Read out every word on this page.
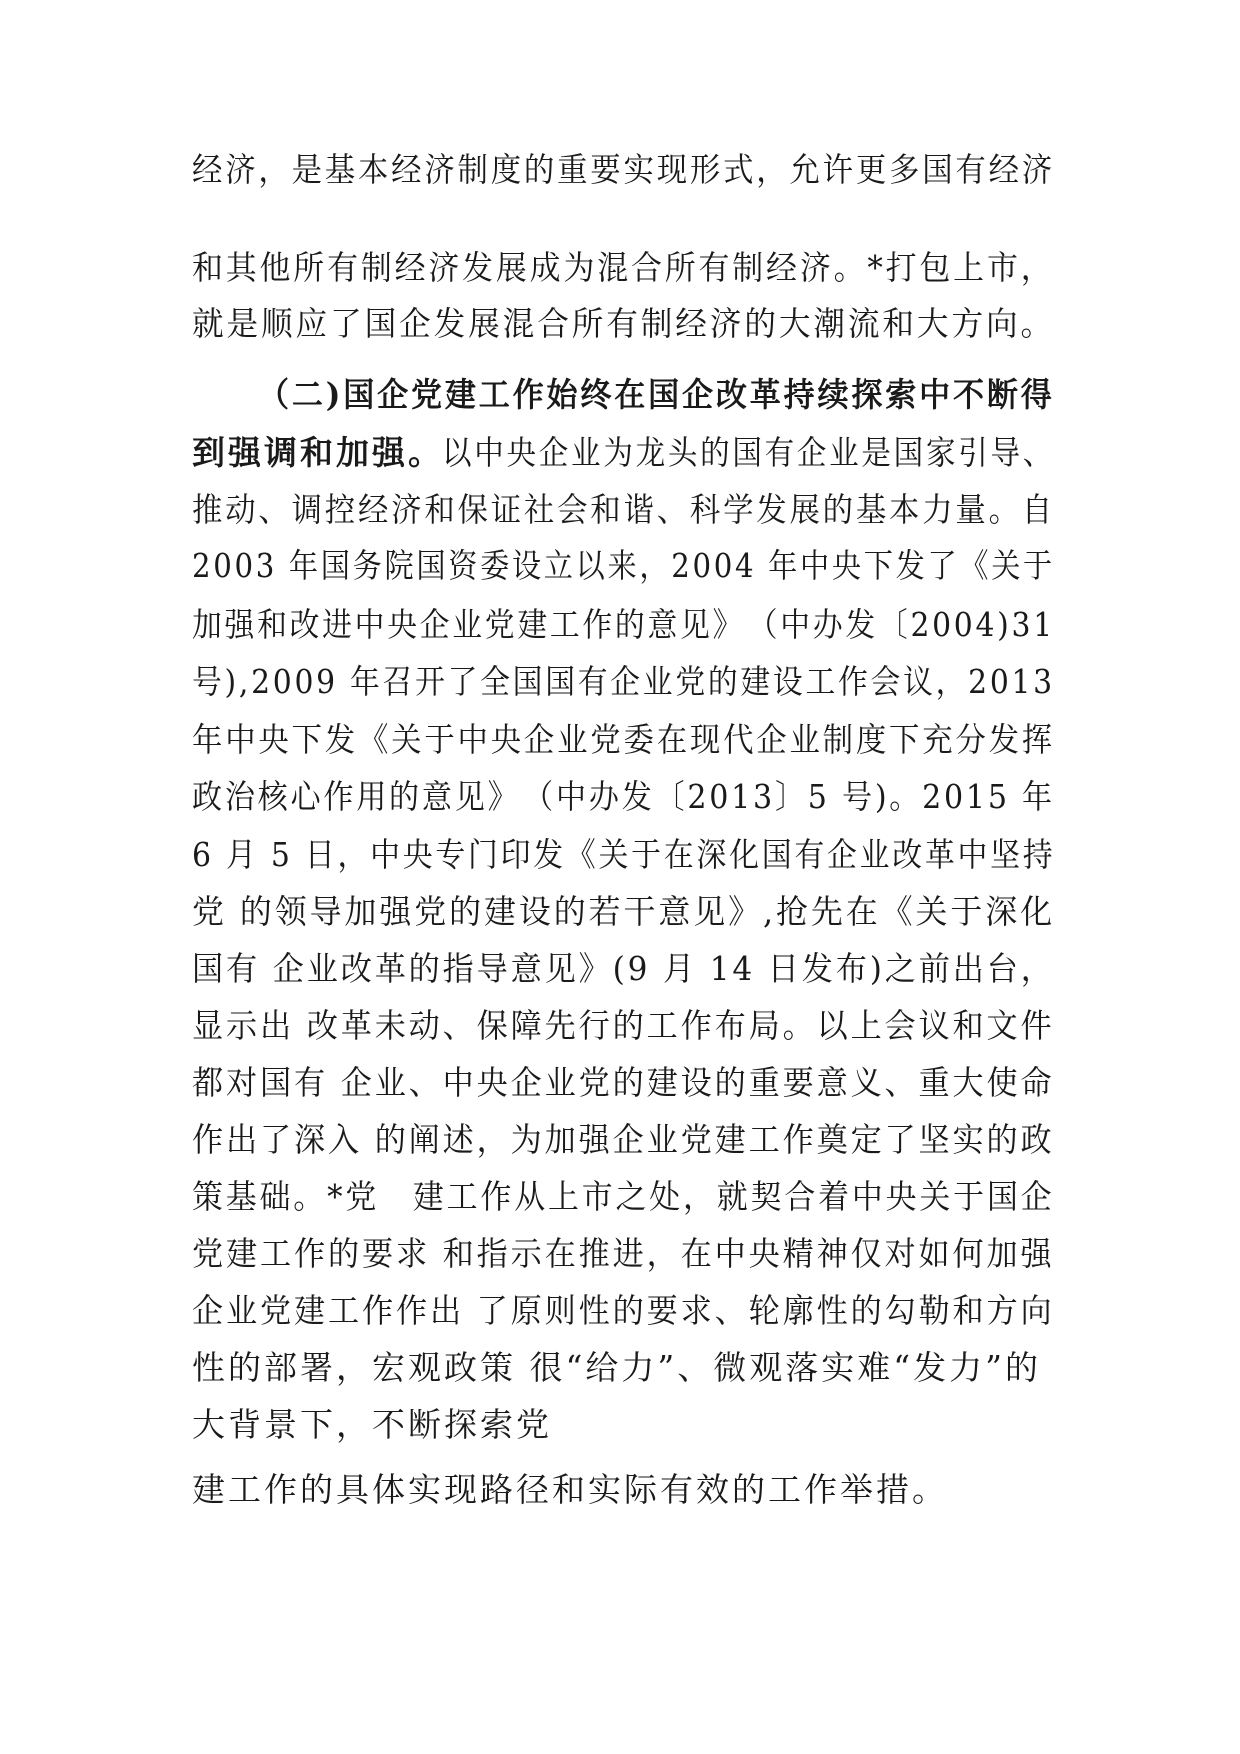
经济，是基本经济制度的重要实现形式，允许更多国有经济
和其他所有制经济发展成为混合所有制经济。*打包上市，
就是顺应了国企发展混合所有制经济的大潮流和大方向。
（二)国企党建工作始终在国企改革持续探索中不断得
到强调和加强。
以中央企业为龙头的国有企业是国家引导、
推动、调控经济和保证社会和谐、科学发展的基本力量。自
2003 年国务院国资委设立以来，2004 年中央下发了《关于
加强和改进中央企业党建工作的意见》　（中办发〔2004)31
号),2009 年召开了全国国有企业党的建设工作会议，2013
年中央下发《关于中央企业党委在现代企业制度下充分发挥
政治核心作用的意见》　（中办发〔2013〕5 号)。2015 年
6 月 5 日，中央专门印发《关于在深化国有企业改革中坚持
党 的领导加强党的建设的若干意见》,抢先在《关于深化
国有 企业改革的指导意见》(9 月 14 日发布)之前出台，
显示出 改革未动、保障先行的工作布局。以上会议和文件
都对国有 企业、中央企业党的建设的重要意义、重大使命
作出了深入 的阐述，为加强企业党建工作奠定了坚实的政
策基础。*党　建工作从上市之处，就契合着中央关于国企
党建工作的要求 和指示在推进，在中央精神仅对如何加强
企业党建工作作出 了原则性的要求、轮廓性的勾勒和方向
性的部署，宏观政策 很“给力”、微观落实难“发力”的
大背景下，不断探索党
建工作的具体实现路径和实际有效的工作举措。
